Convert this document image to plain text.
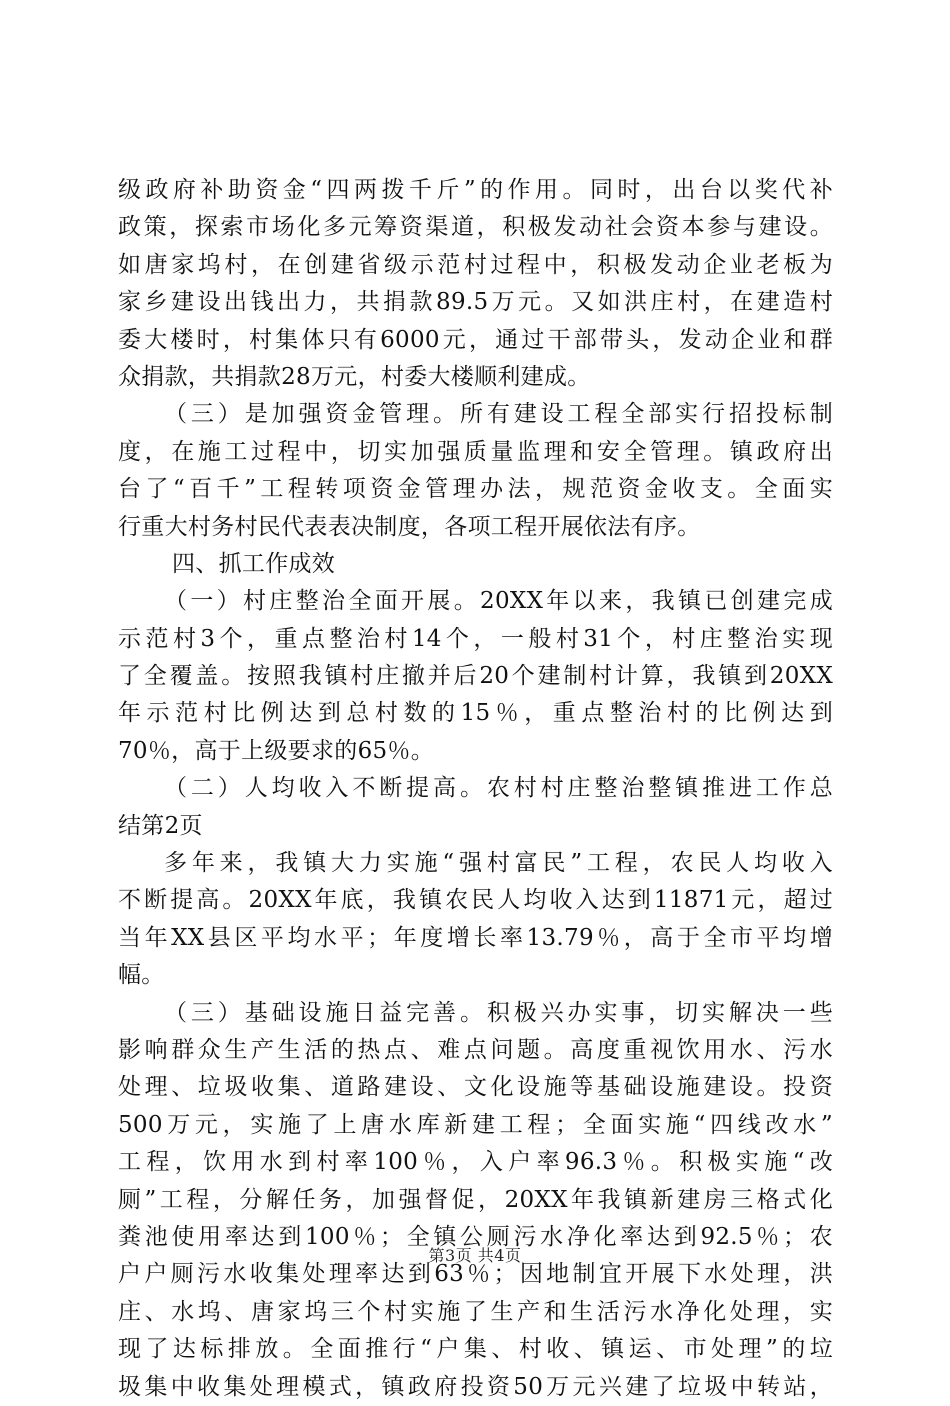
级政府补助资金“四两拨千斤”的作用。同时，出台以奖代补
政策，探索市场化多元筹资渠道，积极发动社会资本参与建设。
如唐家坞村，在创建省级示范村过程中，积极发动企业老板为
家乡建设出钱出力，共捐款89.5万元。又如洪庄村，在建造村
委大楼时，村集体只有6000元，通过干部带头，发动企业和群
众捐款，共捐款28万元，村委大楼顺利建成。
（三）是加强资金管理。所有建设工程全部实行招投标制
度，在施工过程中，切实加强质量监理和安全管理。镇政府出
台了“百千”工程转项资金管理办法，规范资金收支。全面实
行重大村务村民代表表决制度，各项工程开展依法有序。
四、抓工作成效
（一）村庄整治全面开展。20XX年以来，我镇已创建完成
示范村3个，重点整治村14个，一般村31个，村庄整治实现
了全覆盖。按照我镇村庄撤并后20个建制村计算，我镇到20XX
年示范村比例达到总村数的15％，重点整治村的比例达到
70％，高于上级要求的65％。
（二）人均收入不断提高。农村村庄整治整镇推进工作总
结第2页
多年来，我镇大力实施“强村富民”工程，农民人均收入
不断提高。20XX年底，我镇农民人均收入达到11871元，超过
当年XX县区平均水平；年度增长率13.79％，高于全市平均增
幅。
（三）基础设施日益完善。积极兴办实事，切实解决一些
影响群众生产生活的热点、难点问题。高度重视饮用水、污水
处理、垃圾收集、道路建设、文化设施等基础设施建设。投资
500万元，实施了上唐水库新建工程；全面实施“四线改水”
工程，饮用水到村率100％，入户率96.3％。积极实施“改
厕”工程，分解任务，加强督促，20XX年我镇新建房三格式化
粪池使用率达到100％；全镇公厕污水净化率达到92.5％；农
户户厕污水收集处理率达到63％；因地制宜开展下水处理，洪
庄、水坞、唐家坞三个村实施了生产和生活污水净化处理，实
现了达标排放。全面推行“户集、村收、镇运、市处理”的垃
圾集中收集处理模式，镇政府投资50万元兴建了垃圾中转站，
第3页 共4页
